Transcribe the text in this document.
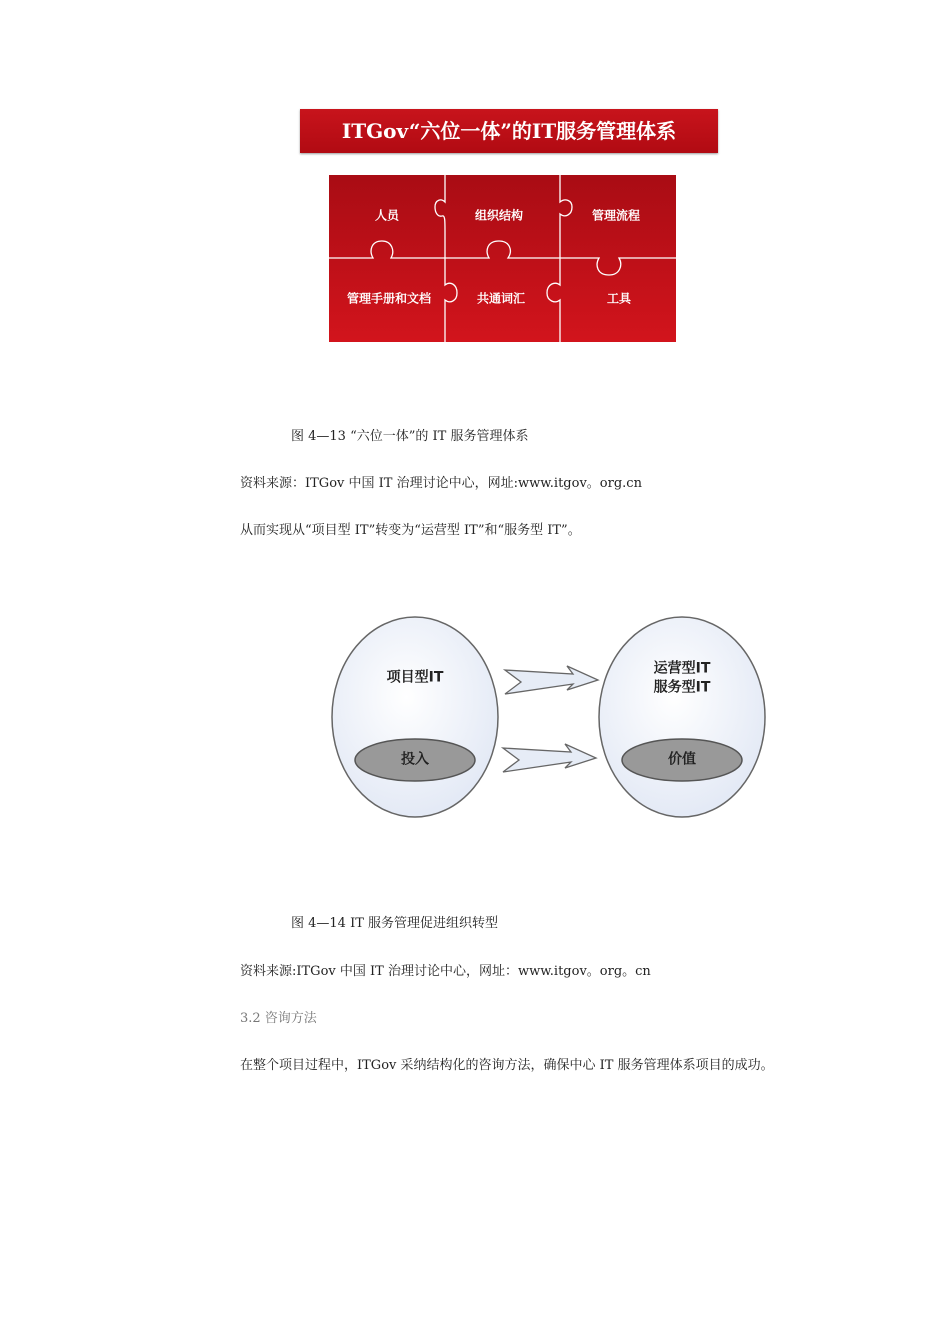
ITGov“六位一体”的IT服务管理体系
人员	组织结构	管理流程
管理手册和文档	共通词汇	工具
图 4—13 “六位一体”的 IT 服务管理体系
资料来源：ITGov 中国 IT 治理讨论中心，网址:www.itgov。org.cn
从而实现从“项目型 IT”转变为“运营型 IT”和“服务型 IT”。
项目型IT
投入
运营型IT
服务型IT
价值
图 4—14 IT 服务管理促进组织转型
资料来源:ITGov 中国 IT 治理讨论中心，网址：www.itgov。org。cn
3.2 咨询方法
在整个项目过程中，ITGov 采纳结构化的咨询方法，确保中心 IT 服务管理体系项目的成功。
